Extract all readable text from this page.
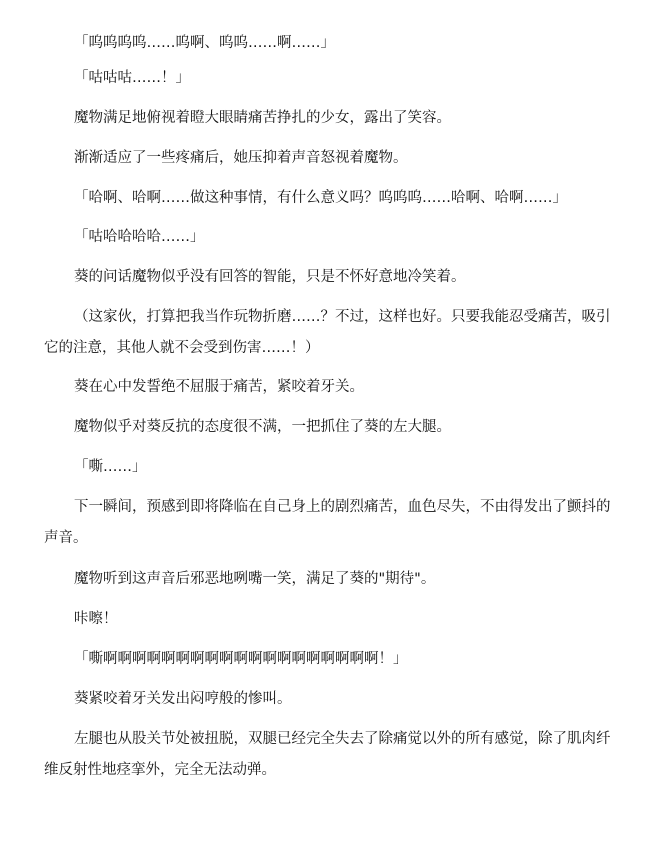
「呜呜呜呜……呜啊、呜呜……啊……」

「咕咕咕……！」

魔物满足地俯视着瞪大眼睛痛苦挣扎的少女，露出了笑容。

渐渐适应了一些疼痛后，她压抑着声音怒视着魔物。

「哈啊、哈啊……做这种事情，有什么意义吗？呜呜呜……哈啊、哈啊……」

「咕哈哈哈哈……」

葵的问话魔物似乎没有回答的智能，只是不怀好意地冷笑着。

（这家伙，打算把我当作玩物折磨……？不过，这样也好。只要我能忍受痛苦，吸引它的注意，其他人就不会受到伤害……！）

葵在心中发誓绝不屈服于痛苦，紧咬着牙关。

魔物似乎对葵反抗的态度很不满，一把抓住了葵的左大腿。

「嘶……」

下一瞬间，预感到即将降临在自己身上的剧烈痛苦，血色尽失，不由得发出了颤抖的声音。

魔物听到这声音后邪恶地咧嘴一笑，满足了葵的"期待"。

咔嚓！

「嘶啊啊啊啊啊啊啊啊啊啊啊啊啊啊啊啊啊啊啊！」

葵紧咬着牙关发出闷哼般的惨叫。

左腿也从股关节处被扭脱，双腿已经完全失去了除痛觉以外的所有感觉，除了肌肉纤维反射性地痉挛外，完全无法动弹。
